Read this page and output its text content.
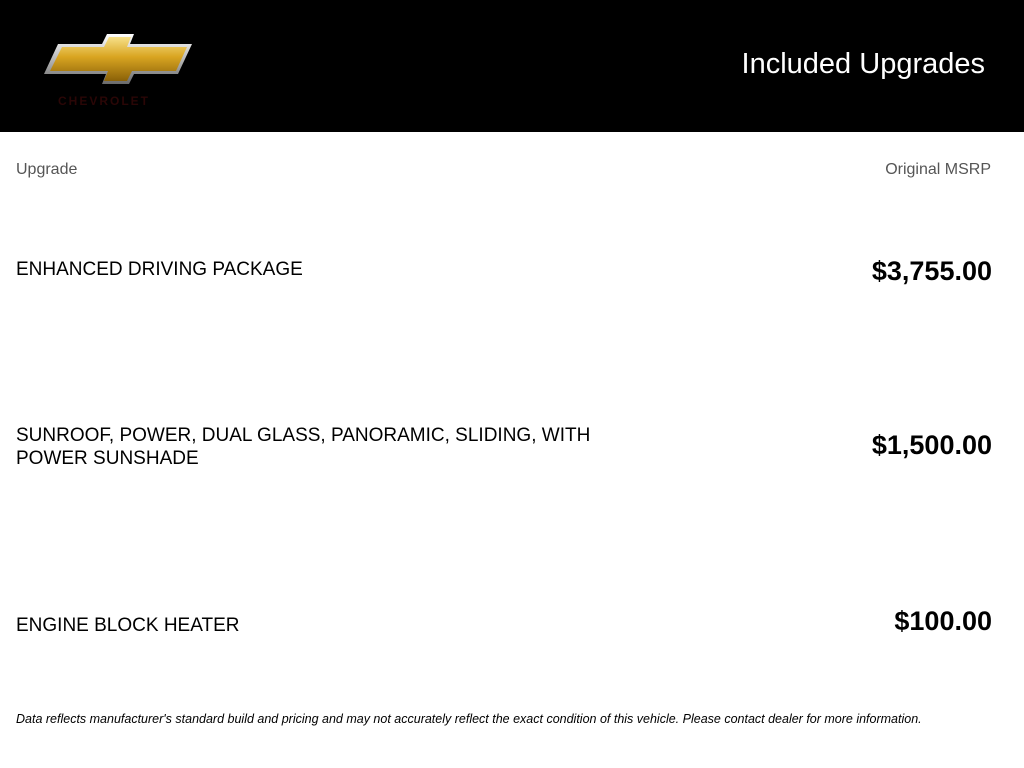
CHEVROLET
Included Upgrades
Upgrade	Original MSRP
ENHANCED DRIVING PACKAGE	$3,755.00
SUNROOF, POWER, DUAL GLASS, PANORAMIC, SLIDING, WITH POWER SUNSHADE	$1,500.00
ENGINE BLOCK HEATER	$100.00
Data reflects manufacturer's standard build and pricing and may not accurately reflect the exact condition of this vehicle. Please contact dealer for more information.
